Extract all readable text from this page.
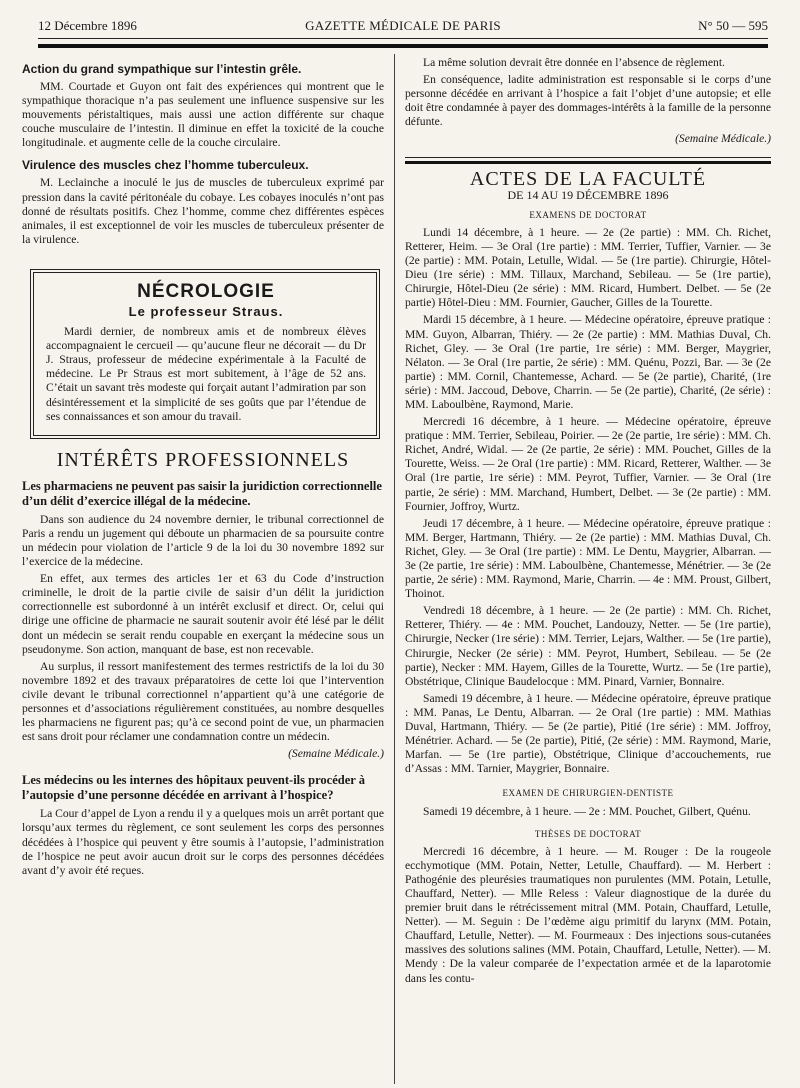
12 Décembre 1896	GAZETTE MÉDICALE DE PARIS	N° 50 — 595
Action du grand sympathique sur l’intestin grêle.

MM. Courtade et Guyon ont fait des expériences qui montrent que le sympathique thoracique n’a pas seulement une influence suspensive sur les mouvements péristaltiques, mais aussi une action différente sur chaque couche musculaire de l’intestin. Il diminue en effet la toxicité de la couche longitudinale. et augmente celle de la couche circulaire.

Virulence des muscles chez l’homme tuberculeux.

M. Leclainche a inoculé le jus de muscles de tuberculeux exprimé par pression dans la cavité péritonéale du cobaye. Les cobayes inoculés n’ont pas donné de résultats positifs. Chez l’homme, comme chez différentes espèces animales, il est exceptionnel de voir les muscles de tuberculeux présenter de la virulence.

NÉCROLOGIE
Le professeur Straus.

Mardi dernier, de nombreux amis et de nombreux élèves accompagnaient le cercueil — qu’aucune fleur ne décorait — du Dr J. Straus, professeur de médecine expérimentale à la Faculté de médecine. Le Pr Straus est mort subitement, à l’âge de 52 ans. C’était un savant très modeste qui forçait autant l’admiration par son désintéressement et la simplicité de ses goûts que par l’étendue de ses connaissances et son amour du travail.

INTÉRÊTS PROFESSIONNELS
Les pharmaciens ne peuvent pas saisir la juridiction correctionnelle d’un délit d’exercice illégal de la médecine.

Dans son audience du 24 novembre dernier, le tribunal correctionnel de Paris a rendu un jugement qui déboute un pharmacien de sa poursuite contre un médecin pour violation de l’article 9 de la loi du 30 novembre 1892 sur l’exercice de la médecine.

En effet, aux termes des articles 1er et 63 du Code d’instruction criminelle, le droit de la partie civile de saisir d’un délit la juridiction correctionnelle est subordonné à un intérêt exclusif et direct. Or, celui qui dirige une officine de pharmacie ne saurait soutenir avoir été lésé par le délit dont un médecin se serait rendu coupable en exerçant la médecine sous un pseudonyme. Son action, manquant de base, est non recevable.

Au surplus, il ressort manifestement des termes restrictifs de la loi du 30 novembre 1892 et des travaux préparatoires de cette loi que l’intervention civile devant le tribunal correctionnel n’appartient qu’à une catégorie de personnes et d’associations régulièrement constituées, au nombre desquelles les pharmaciens ne figurent pas; qu’à ce second point de vue, un pharmacien est sans droit pour réclamer une condamnation contre un médecin.

(Semaine Médicale.)
Les médecins ou les internes des hôpitaux peuvent-ils procéder à l’autopsie d’une personne décédée en arrivant à l’hospice?

La Cour d’appel de Lyon a rendu il y a quelques mois un arrêt portant que lorsqu’aux termes du règlement, ce sont seulement les corps des personnes décédées à l’hospice qui peuvent y être soumis à l’autopsie, l’administration de l’hospice ne peut avoir aucun droit sur le corps des personnes décédées avant d’y avoir été reçues.

La même solution devrait être donnée en l’absence de règlement.

En conséquence, ladite administration est responsable si le corps d’une personne décédée en arrivant à l’hospice a fait l’objet d’une autopsie; et elle doit être condamnée à payer des dommages-intérêts à la famille de la personne défunte.

(Semaine Médicale.)
ACTES DE LA FACULTÉ
DE 14 AU 19 DÉCEMBRE 1896
EXAMENS DE DOCTORAT

Lundi 14 décembre, à 1 heure. — 2e (2e partie) : MM. Ch. Richet, Retterer, Heim. — 3e Oral (1re partie) : MM. Terrier, Tuffier, Varnier. — 3e (2e partie) : MM. Potain, Letulle, Widal. — 5e (1re partie). Chirurgie, Hôtel-Dieu (1re série) : MM. Tillaux, Marchand, Sebileau. — 5e (1re partie), Chirurgie, Hôtel-Dieu (2e série) : MM. Ricard, Humbert. Delbet. — 5e (2e partie) Hôtel-Dieu : MM. Fournier, Gaucher, Gilles de la Tourette.

Mardi 15 décembre, à 1 heure. — Médecine opératoire, épreuve pratique : MM. Guyon, Albarran, Thiéry. — 2e (2e partie) : MM. Mathias Duval, Ch. Richet, Gley. — 3e Oral (1re partie, 1re série) : MM. Berger, Maygrier, Nélaton. — 3e Oral (1re partie, 2e série) : MM. Quénu, Pozzi, Bar. — 3e (2e partie) : MM. Cornil, Chantemesse, Achard. — 5e (2e partie), Charité, (1re série) : MM. Jaccoud, Debove, Charrin. — 5e (2e partie), Charité, (2e série) : MM. Laboulbène, Raymond, Marie.

Mercredi 16 décembre, à 1 heure. — Médecine opératoire, épreuve pratique : MM. Terrier, Sebileau, Poirier. — 2e (2e partie, 1re série) : MM. Ch. Richet, André, Widal. — 2e (2e partie, 2e série) : MM. Pouchet, Gilles de la Tourette, Weiss. — 2e Oral (1re partie) : MM. Ricard, Retterer, Walther. — 3e Oral (1re partie, 1re série) : MM. Peyrot, Tuffier, Varnier. — 3e Oral (1re partie, 2e série) : MM. Marchand, Humbert, Delbet. — 3e (2e partie) : MM. Fournier, Joffroy, Wurtz.

Jeudi 17 décembre, à 1 heure. — Médecine opératoire, épreuve pratique : MM. Berger, Hartmann, Thiéry. — 2e (2e partie) : MM. Mathias Duval, Ch. Richet, Gley. — 3e Oral (1re partie) : MM. Le Dentu, Maygrier, Albarran. — 3e (2e partie, 1re série) : MM. Laboulbène, Chantemesse, Ménétrier. — 3e (2e partie, 2e série) : MM. Raymond, Marie, Charrin. — 4e : MM. Proust, Gilbert, Thoinot.

Vendredi 18 décembre, à 1 heure. — 2e (2e partie) : MM. Ch. Richet, Retterer, Thiéry. — 4e : MM. Pouchet, Landouzy, Netter. — 5e (1re partie), Chirurgie, Necker (1re série) : MM. Terrier, Lejars, Walther. — 5e (1re partie), Chirurgie, Necker (2e série) : MM. Peyrot, Humbert, Sebileau. — 5e (2e partie), Necker : MM. Hayem, Gilles de la Tourette, Wurtz. — 5e (1re partie), Obstétrique, Clinique Baudelocque : MM. Pinard, Varnier, Bonnaire.

Samedi 19 décembre, à 1 heure. — Médecine opératoire, épreuve pratique : MM. Panas, Le Dentu, Albarran. — 2e Oral (1re partie) : MM. Mathias Duval, Hartmann, Thiéry. — 5e (2e partie), Pitié (1re série) : MM. Joffroy, Ménétrier. Achard. — 5e (2e partie), Pitié, (2e série) : MM. Raymond, Marie, Marfan. — 5e (1re partie), Obstétrique, Clinique d’accouchements, rue d’Assas : MM. Tarnier, Maygrier, Bonnaire.

EXAMEN DE CHIRURGIEN-DENTISTE

Samedi 19 décembre, à 1 heure. — 2e : MM. Pouchet, Gilbert, Quénu.

THÈSES DE DOCTORAT

Mercredi 16 décembre, à 1 heure. — M. Rouger : De la rougeole ecchymotique (MM. Potain, Netter, Letulle, Chauffard). — M. Herbert : Pathogénie des pleurésies traumatiques non purulentes (MM. Potain, Letulle, Chauffard, Netter). — Mlle Reless : Valeur diagnostique de la durée du premier bruit dans le rétrécissement mitral (MM. Potain, Chauffard, Letulle, Netter). — M. Seguin : De l’œdème aigu primitif du larynx (MM. Potain, Chauffard, Letulle, Netter). — M. Fourmeaux : Des injections sous-cutanées massives des solutions salines (MM. Potain, Chauffard, Letulle, Netter). — M. Mendy : De la valeur comparée de l’expectation armée et de la laparotomie dans les contu-
